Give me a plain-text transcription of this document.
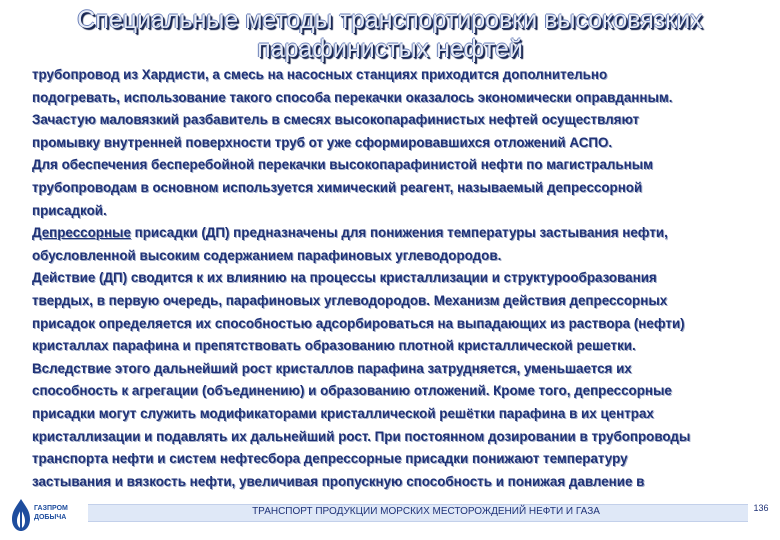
Специальные методы транспортировки высоковязких парафинистых нефтей
трубопровод из Хардисти, а смесь на насосных станциях приходится дополнительно
подогревать, использование такого способа перекачки оказалось экономически оправданным.
Зачастую маловязкий разбавитель в смесях высокопарафинистых нефтей осуществляют
промывку внутренней поверхности труб от уже сформировавшихся отложений АСПО.
Для обеспечения бесперебойной перекачки высокопарафинистой нефти по магистральным
трубопроводам в основном используется химический реагент, называемый депрессорной
присадкой.
Депрессорные присадки (ДП) предназначены для понижения температуры застывания нефти,
обусловленной высоким содержанием парафиновых углеводородов.
Действие (ДП) сводится к их влиянию на процессы кристаллизации и структурообразования
твердых, в первую очередь, парафиновых углеводородов. Механизм действия депрессорных
присадок определяется их способностью адсорбироваться на выпадающих из раствора (нефти)
кристаллах парафина и препятствовать образованию плотной кристаллической решетки.
Вследствие этого дальнейший рост кристаллов парафина затрудняется, уменьшается их
способность к агрегации (объединению) и образованию отложений. Кроме того, депрессорные
присадки могут служить модификаторами кристаллической решётки парафина в их центрах
кристаллизации и подавлять их дальнейший рост. При постоянном дозировании в трубопроводы
транспорта нефти и систем нефтесбора депрессорные присадки понижают температуру
застывания и вязкость нефти, увеличивая пропускную способность и понижая давление в
ГАЗПРОМ
ДОБЫЧА
ТРАНСПОРТ ПРОДУКЦИИ МОРСКИХ МЕСТОРОЖДЕНИЙ НЕФТИ И ГАЗА	136
